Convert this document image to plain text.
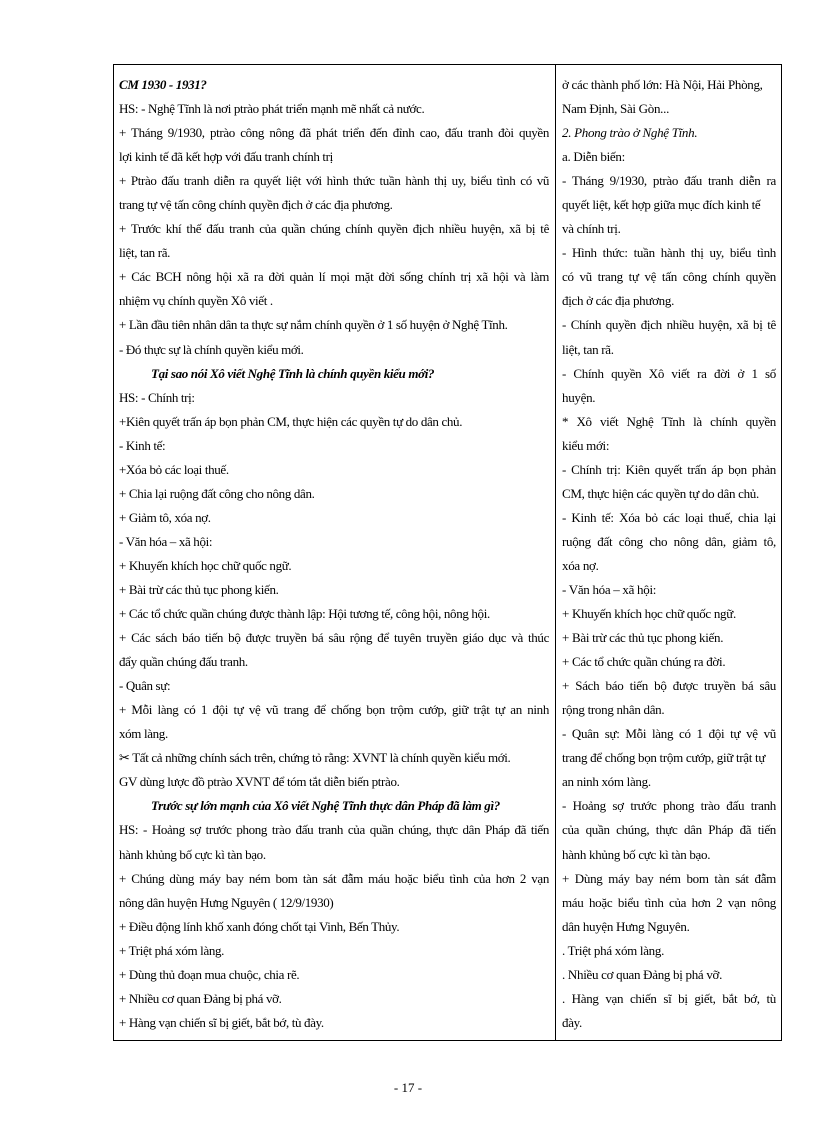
CM 1930 - 1931?
HS: - Nghệ Tĩnh là nơi ptrào phát triển mạnh mẽ nhất cả nước.
+ Tháng 9/1930, ptrào công nông đã phát triển đến đỉnh cao, đấu tranh đòi quyền
lợi kinh tế đã kết hợp với đấu tranh chính trị
+ Ptrào đấu tranh diễn ra quyết liệt với hình thức tuần hành thị uy, biểu tình có vũ
trang tự vệ tấn công chính quyền địch ở các địa phương.
+ Trước khí thế đấu tranh của quần chúng chính quyền địch nhiều huyện, xã bị tê
liệt, tan rã.
+ Các BCH nông hội xã ra đời quản lí mọi mặt đời sống chính trị xã hội và làm
nhiệm vụ chính quyền Xô viết .
+ Lần đầu tiên nhân dân ta thực sự nắm chính quyền ở 1 số huyện ở Nghệ Tĩnh.
- Đó thực sự là chính quyền kiểu mới.
Tại sao nói Xô viết Nghệ Tĩnh là chính quyền kiểu mới?
HS: - Chính trị:
+Kiên quyết trấn áp bọn phản CM, thực hiện các quyền tự do dân chủ.
- Kinh tế:
+Xóa bỏ các loại thuế.
+ Chia lại ruộng đất công cho nông dân.
+ Giảm tô, xóa nợ.
- Văn hóa – xã hội:
+ Khuyến khích học chữ quốc ngữ.
+ Bài trừ các thủ tục phong kiến.
+ Các tổ chức quần chúng được thành lập: Hội tương tế, công hội, nông hội.
+ Các sách báo tiến bộ được truyền bá sâu rộng để tuyên truyền giáo dục và thúc
đẩy quần chúng đấu tranh.
- Quân sự:
+ Mỗi làng có 1 đội tự vệ vũ trang để chống bọn trộm cướp, giữ trật tự an ninh
xóm làng.
✂ Tất cả những chính sách trên, chứng tỏ rằng: XVNT là chính quyền kiểu mới.
GV dùng lược đồ ptrào XVNT để tóm tắt diễn biến ptrào.
Trước sự lớn mạnh của Xô viết Nghệ Tĩnh thực dân Pháp đã làm gì?
HS: - Hoảng sợ trước phong trào đấu tranh của quần chúng, thực dân Pháp đã tiến
hành khủng bố cực kì tàn bạo.
+ Chúng dùng máy bay ném bom tàn sát đẫm máu hoặc biểu tình của hơn 2 vạn
nông dân huyện Hưng Nguyên ( 12/9/1930)
+ Điều động lính khố xanh đóng chốt tại Vinh, Bến Thủy.
+ Triệt phá xóm làng.
+ Dùng thủ đoạn mua chuộc, chia rẽ.
+ Nhiều cơ quan Đảng bị phá vỡ.
+ Hàng vạn chiến sĩ bị giết, bắt bớ, tù đày.
ở các thành phố lớn: Hà Nội, Hải Phòng,
Nam Định, Sài Gòn...
2. Phong trào ở Nghệ Tĩnh.
a. Diễn biến:
- Tháng 9/1930, ptrào đấu tranh diễn ra
quyết liệt, kết hợp giữa mục đích kinh tế
và chính trị.
- Hình thức: tuần hành thị uy, biểu tình
có vũ trang tự vệ tấn công chính quyền
địch ở các địa phương.
- Chính quyền địch nhiều huyện, xã bị tê
liệt, tan rã.
- Chính quyền Xô viết ra đời ở 1 số
huyện.
* Xô viết Nghệ Tĩnh là chính quyền
kiểu mới:
- Chính trị: Kiên quyết trấn áp bọn phản
CM, thực hiện các quyền tự do dân chủ.
- Kinh tế: Xóa bỏ các loại thuế, chia lại
ruộng đất công cho nông dân, giảm tô,
xóa nợ.
- Văn hóa – xã hội:
+ Khuyến khích học chữ quốc ngữ.
+ Bài trừ các thủ tục phong kiến.
+ Các tổ chức quần chúng ra đời.
+ Sách báo tiến bộ được truyền bá sâu
rộng trong nhân dân.
- Quân sự: Mỗi làng có 1 đội tự vệ vũ
trang để chống bọn trộm cướp, giữ trật tự
an ninh xóm làng.
- Hoảng sợ trước phong trào đấu tranh
của quần chúng, thực dân Pháp đã tiến
hành khủng bố cực kì tàn bạo.
+ Dùng máy bay ném bom tàn sát đẫm
máu hoặc biểu tình của hơn 2 vạn nông
dân huyện Hưng Nguyên.
. Triệt phá xóm làng.
. Nhiều cơ quan Đảng bị phá vỡ.
. Hàng vạn chiến sĩ bị giết, bắt bớ, tù
đày.
- 17 -
